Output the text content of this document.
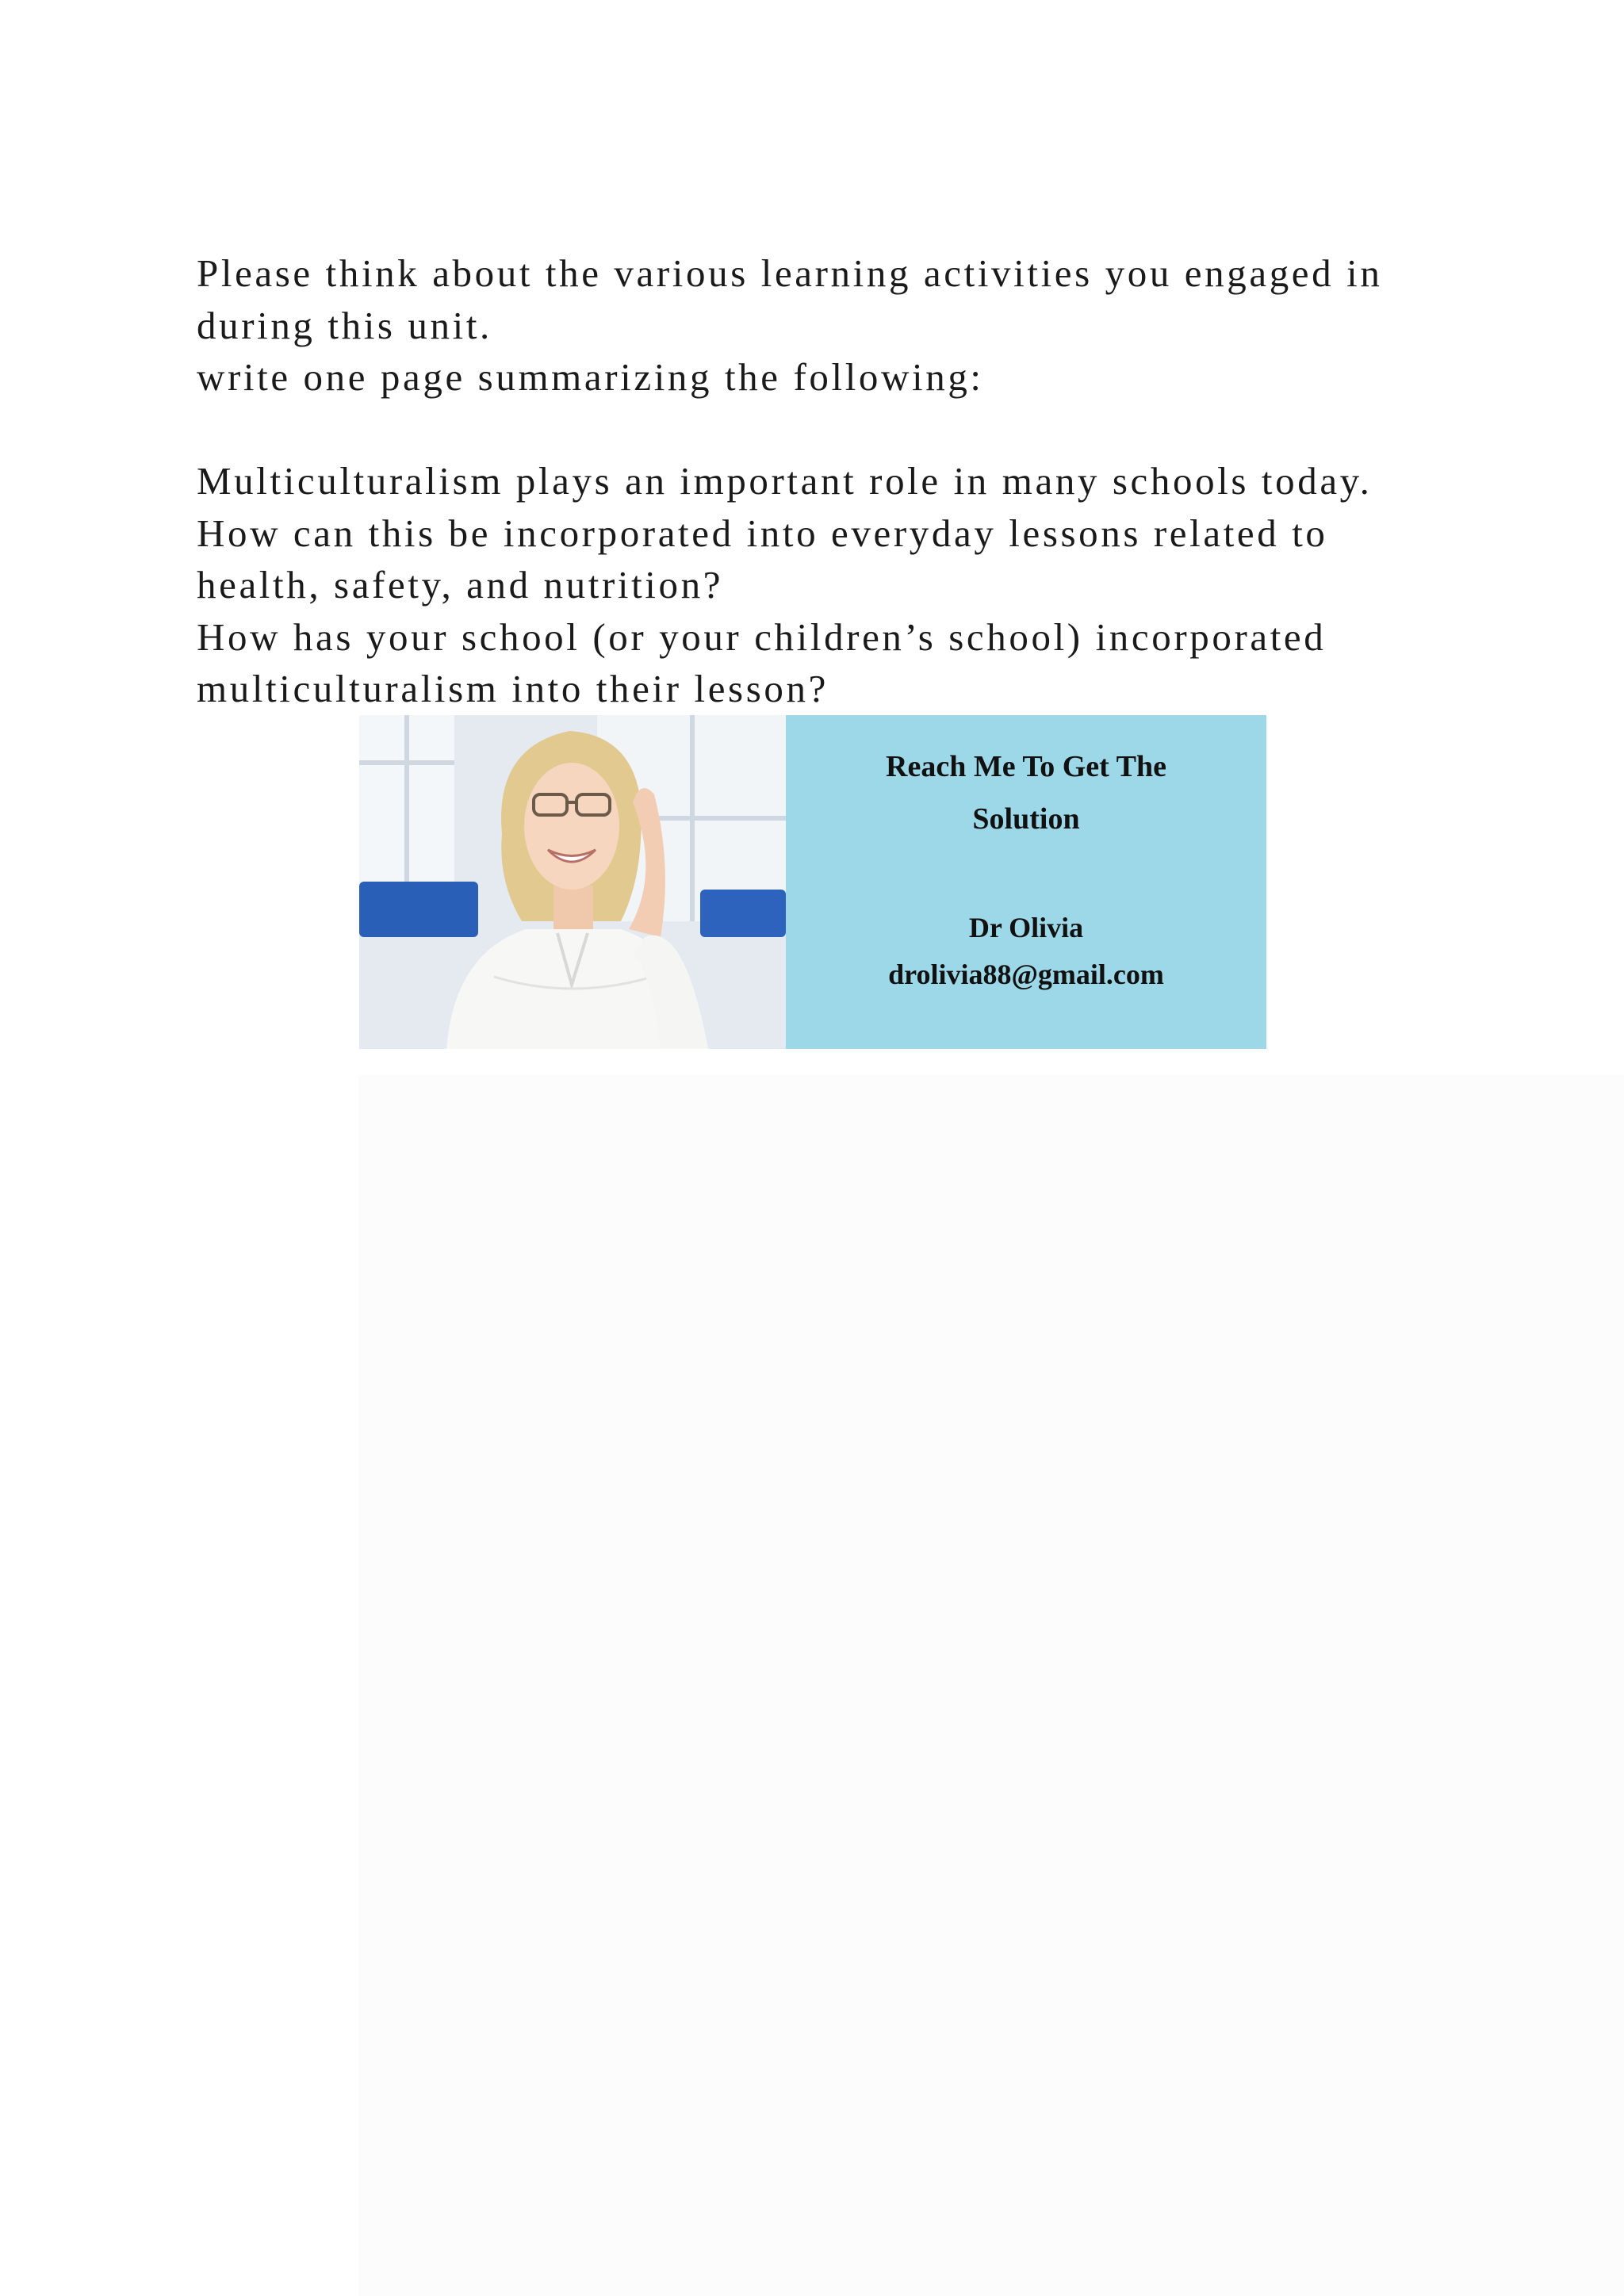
Please think about the various learning activities you engaged in
during this unit.
write one page summarizing the following:
Multiculturalism plays an important role in many schools today.
How can this be incorporated into everyday lessons related to
health, safety, and nutrition?
How has your school (or your children’s school) incorporated
multiculturalism into their lesson?
Reach Me To Get The
Solution
Dr Olivia
drolivia88@gmail.com
